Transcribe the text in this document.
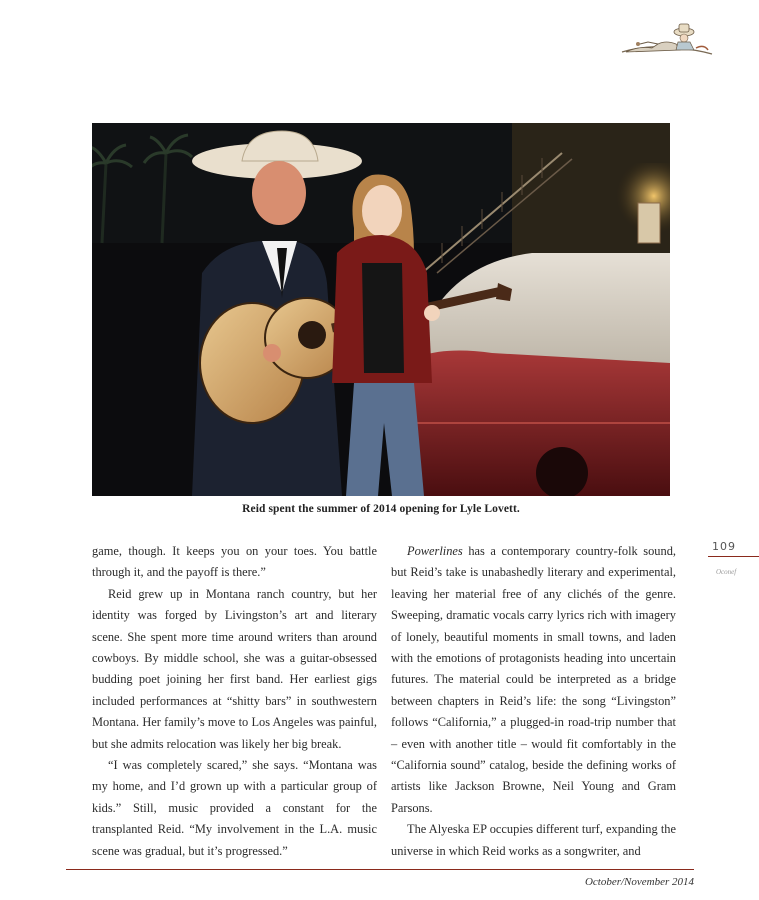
Reid spent the summer of 2014 opening for Lyle Lovett.

game, though. It keeps you on your toes. You battle through it, and the payoff is there.”

Reid grew up in Montana ranch country, but her identity was forged by Livingston’s art and literary scene. She spent more time around writers than around cowboys. By middle school, she was a guitar-obsessed budding poet joining her first band. Her earliest gigs included performances at “shitty bars” in southwestern Montana. Her family’s move to Los Angeles was painful, but she admits relocation was likely her big break.

“I was completely scared,” she says. “Montana was my home, and I’d grown up with a particular group of kids.” Still, music provided a constant for the transplanted Reid. “My involvement in the L.A. music scene was gradual, but it’s progressed.”

Powerlines has a contemporary country-folk sound, but Reid’s take is unabashedly literary and experimental, leaving her material free of any clichés of the genre. Sweeping, dramatic vocals carry lyrics rich with imagery of lonely, beautiful moments in small towns, and laden with the emotions of protagonists heading into uncertain futures. The material could be interpreted as a bridge between chapters in Reid’s life: the song “Livingston” follows “California,” a plugged-in road-trip number that – even with another title – would fit comfortably in the “California sound” catalog, beside the defining works of artists like Jackson Browne, Neil Young and Gram Parsons.

The Alyeska EP occupies different turf, expanding the universe in which Reid works as a songwriter, and

109
Oconef
October/November 2014
